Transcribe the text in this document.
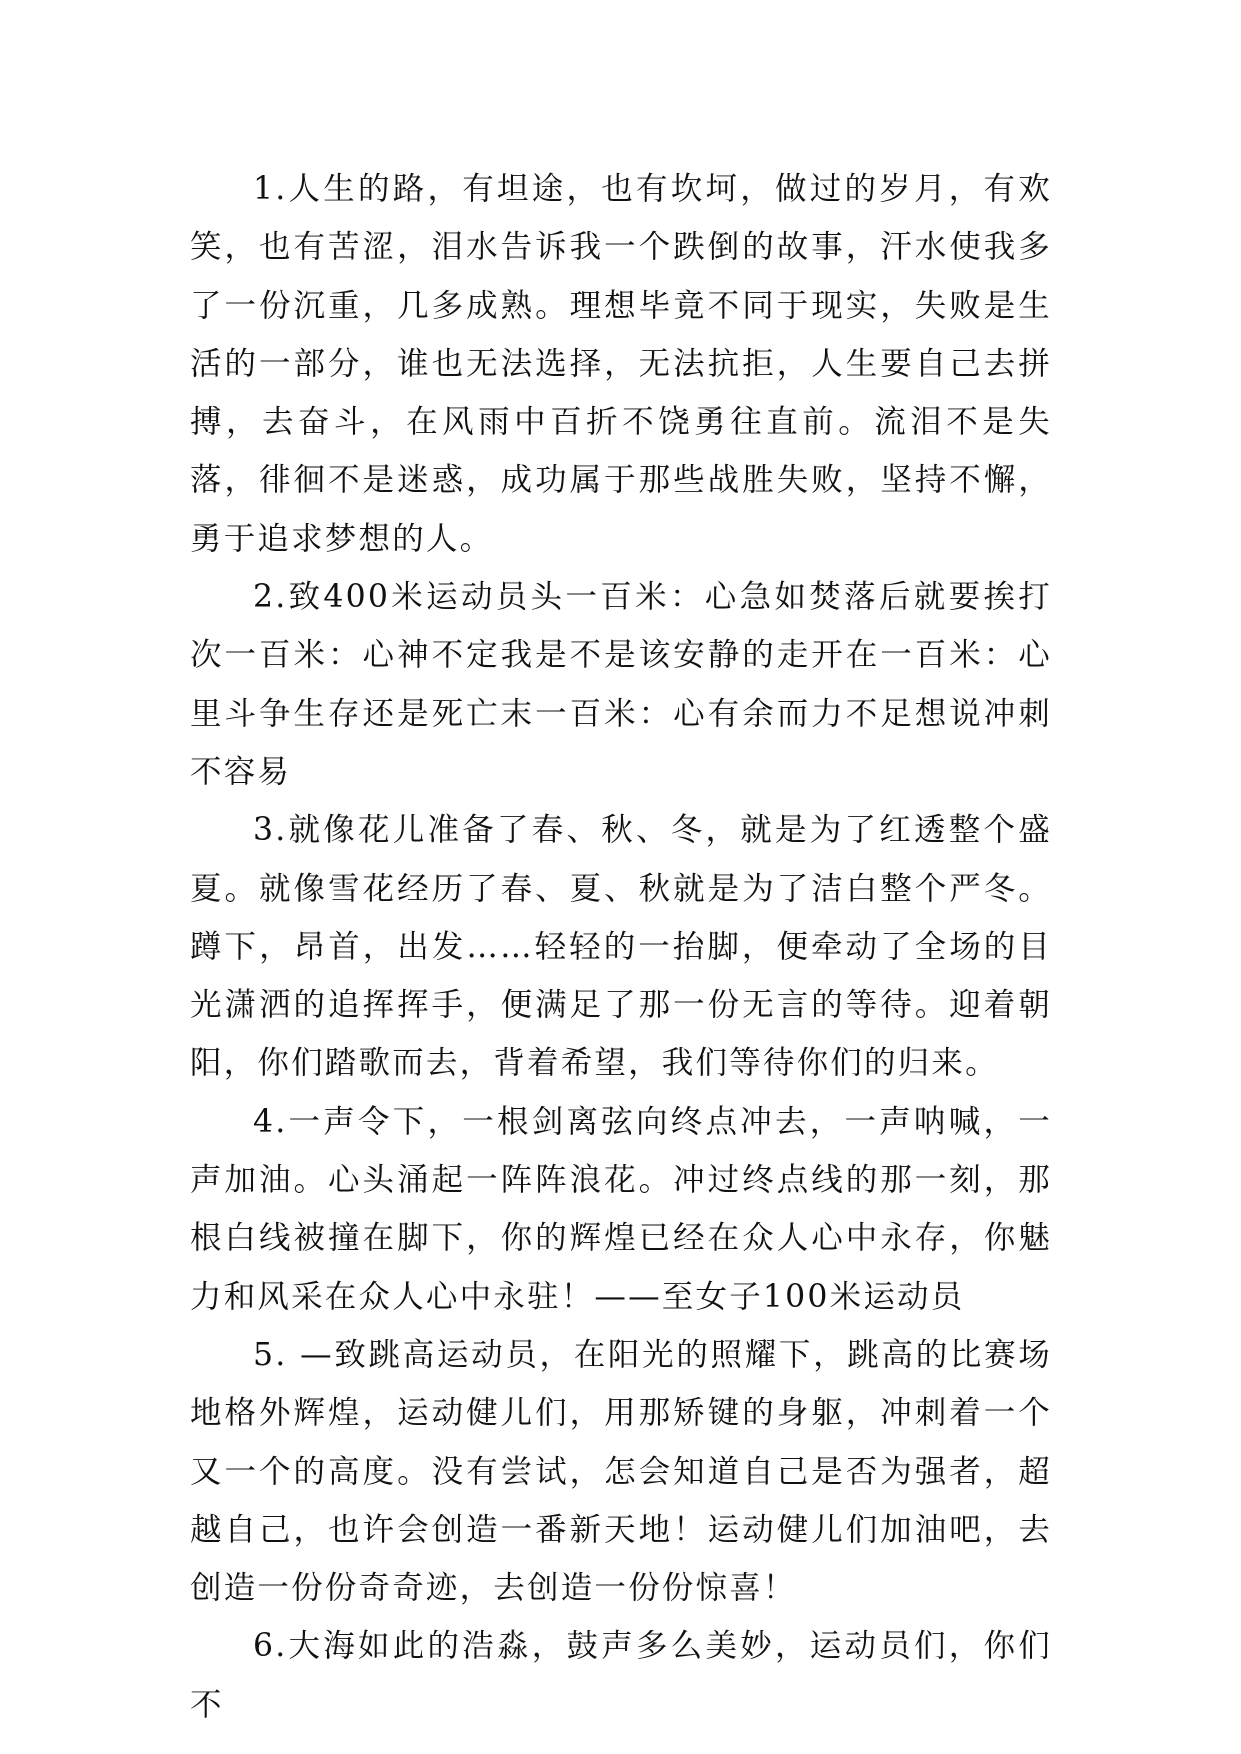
1.人生的路，有坦途，也有坎坷，做过的岁月，有欢笑，也有苦涩，泪水告诉我一个跌倒的故事，汗水使我多了一份沉重，几多成熟。理想毕竟不同于现实，失败是生活的一部分，谁也无法选择，无法抗拒，人生要自己去拼搏，去奋斗，在风雨中百折不饶勇往直前。流泪不是失落，徘徊不是迷惑，成功属于那些战胜失败，坚持不懈，勇于追求梦想的人。

2.致400米运动员头一百米：心急如焚落后就要挨打次一百米：心神不定我是不是该安静的走开在一百米：心里斗争生存还是死亡末一百米：心有余而力不足想说冲刺不容易

3.就像花儿准备了春、秋、冬，就是为了红透整个盛夏。就像雪花经历了春、夏、秋就是为了洁白整个严冬。蹲下，昂首，出发……轻轻的一抬脚，便牵动了全场的目光潇洒的追挥挥手，便满足了那一份无言的等待。迎着朝阳，你们踏歌而去，背着希望，我们等待你们的归来。

4.一声令下，一根剑离弦向终点冲去，一声呐喊，一声加油。心头涌起一阵阵浪花。冲过终点线的那一刻，那根白线被撞在脚下，你的辉煌已经在众人心中永存，你魅力和风采在众人心中永驻！——至女子100米运动员

5. —致跳高运动员，在阳光的照耀下，跳高的比赛场地格外辉煌，运动健儿们，用那矫键的身躯，冲刺着一个又一个的高度。没有尝试，怎会知道自己是否为强者，超越自己，也许会创造一番新天地！运动健儿们加油吧，去创造一份份奇奇迹，去创造一份份惊喜！

6.大海如此的浩淼，鼓声多么美妙，运动员们，你们不
